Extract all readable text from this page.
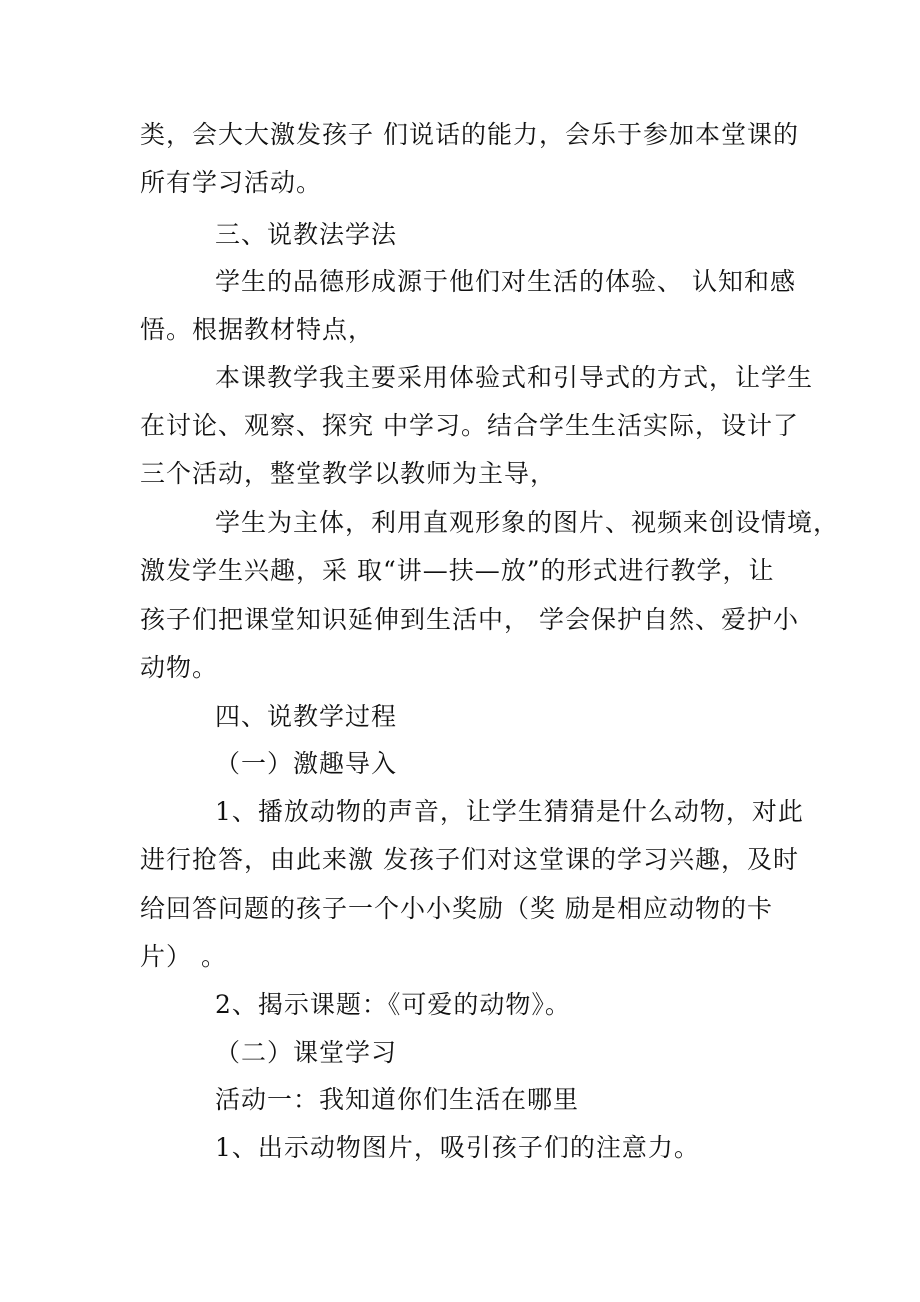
类，会大大激发孩子 们说话的能力，会乐于参加本堂课的
所有学习活动。
三、说教法学法
学生的品德形成源于他们对生活的体验、 认知和感
悟。根据教材特点，
本课教学我主要采用体验式和引导式的方式，让学生
在讨论、观察、探究 中学习。结合学生生活实际，设计了
三个活动，整堂教学以教师为主导，
学生为主体，利用直观形象的图片、视频来创设情境，
激发学生兴趣，采 取“讲—扶—放”的形式进行教学，让
孩子们把课堂知识延伸到生活中， 学会保护自然、爱护小
动物。
四、说教学过程
（一）激趣导入
1、播放动物的声音，让学生猜猜是什么动物，对此
进行抢答，由此来激 发孩子们对这堂课的学习兴趣，及时
给回答问题的孩子一个小小奖励（奖 励是相应动物的卡
片） 。
2、揭示课题：《可爱的动物》。
（二）课堂学习
活动一：我知道你们生活在哪里
1、出示动物图片，吸引孩子们的注意力。
